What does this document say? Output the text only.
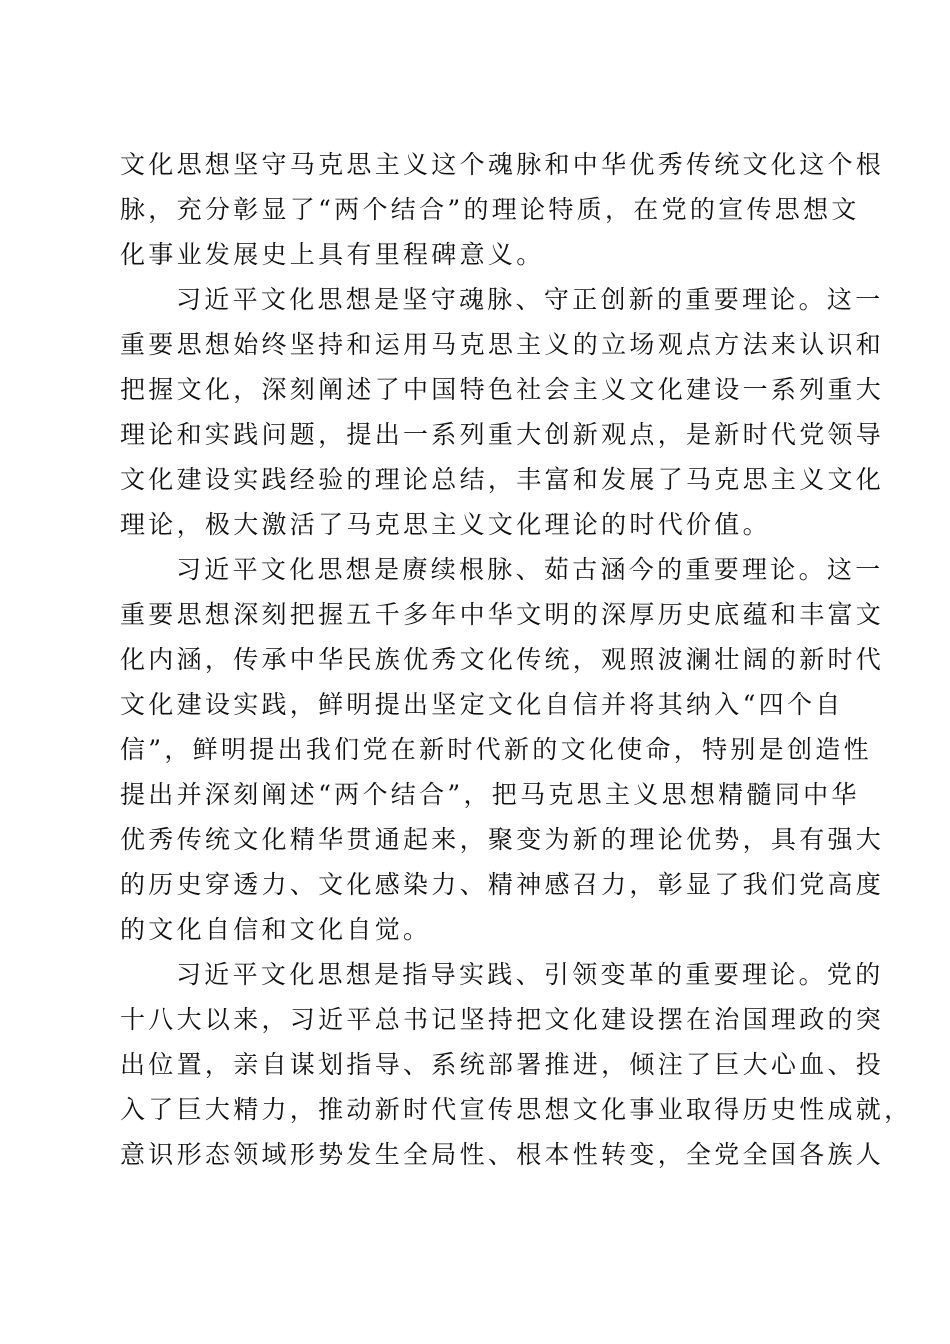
文化思想坚守马克思主义这个魂脉和中华优秀传统文化这个根
脉，充分彰显了“两个结合”的理论特质，在党的宣传思想文
化事业发展史上具有里程碑意义。
习近平文化思想是坚守魂脉、守正创新的重要理论。这一
重要思想始终坚持和运用马克思主义的立场观点方法来认识和
把握文化，深刻阐述了中国特色社会主义文化建设一系列重大
理论和实践问题，提出一系列重大创新观点，是新时代党领导
文化建设实践经验的理论总结，丰富和发展了马克思主义文化
理论，极大激活了马克思主义文化理论的时代价值。
习近平文化思想是赓续根脉、茹古涵今的重要理论。这一
重要思想深刻把握五千多年中华文明的深厚历史底蕴和丰富文
化内涵，传承中华民族优秀文化传统，观照波澜壮阔的新时代
文化建设实践，鲜明提出坚定文化自信并将其纳入“四个自
信”，鲜明提出我们党在新时代新的文化使命，特别是创造性
提出并深刻阐述“两个结合”，把马克思主义思想精髓同中华
优秀传统文化精华贯通起来，聚变为新的理论优势，具有强大
的历史穿透力、文化感染力、精神感召力，彰显了我们党高度
的文化自信和文化自觉。
习近平文化思想是指导实践、引领变革的重要理论。党的
十八大以来，习近平总书记坚持把文化建设摆在治国理政的突
出位置，亲自谋划指导、系统部署推进，倾注了巨大心血、投
入了巨大精力，推动新时代宣传思想文化事业取得历史性成就，
意识形态领域形势发生全局性、根本性转变，全党全国各族人
